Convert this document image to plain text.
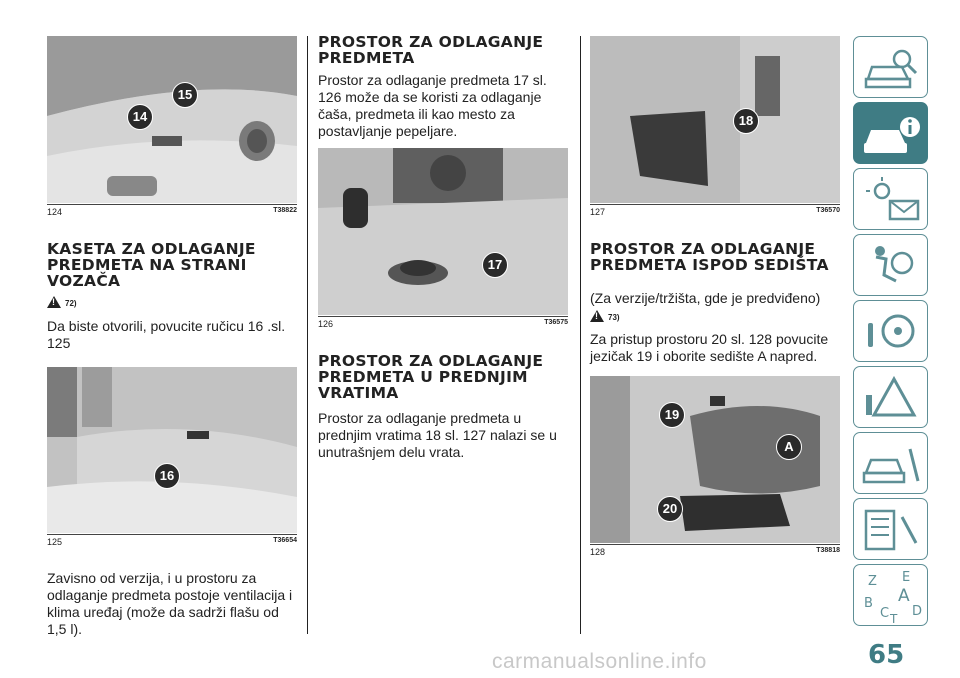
14
15
124	T38822
KASETA ZA ODLAGANJE PREDMETA NA STRANI VOZAČA
!72)
Da biste otvorili, povucite ručicu 16 .sl. 125
16
125	T36654
Zavisno od verzija, i u prostoru za odlaganje predmeta postoje ventilacija i klima uređaj (može da sadrži flašu od 1,5 l).
PROSTOR ZA ODLAGANJE PREDMETA
Prostor za odlaganje predmeta 17 sl. 126 može da se koristi za odlaganje čaša, predmeta ili kao mesto za postavljanje pepeljare.
17
126	T36575
PROSTOR ZA ODLAGANJE PREDMETA U PREDNJIM VRATIMA
Prostor za odlaganje predmeta u prednjim vratima 18 sl. 127 nalazi se u unutrašnjem delu vrata.
18
127	T36570
PROSTOR ZA ODLAGANJE PREDMETA ISPOD SEDIŠTA
(Za verzije/tržišta, gde je predviđeno)
!73)
Za pristup prostoru 20 sl. 128 povucite jezičak 19 i oborite sedište A napred.
19
A
20
128	T38818
Z E
B A
C T D
65
carmanualsonline.info
